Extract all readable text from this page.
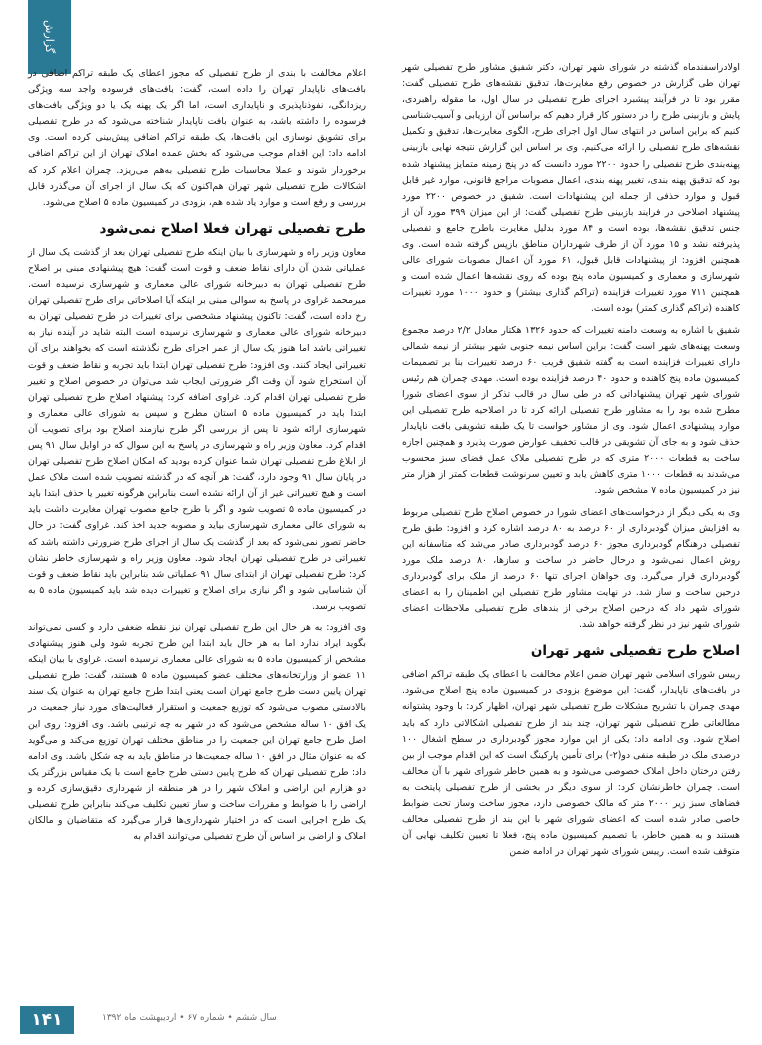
گزارش

اولادراسفندماه گذشته در شورای شهر تهران، دکتر شفیق مشاور طرح تفصیلی شهر تهران طی گزارش در خصوص رفع مغایرت‌ها، تدقیق نقشه‌های طرح تفصیلی گفت: مقرر بود تا در فرآیند پیشبرد اجرای طرح تفصیلی در سال اول، ما مقوله راهبردی، پایش و بازبینی طرح را در دستور کار قرار دهیم که براساس آن ارزیابی و آسیب‌شناسی کنیم که براین اساس در انتهای سال اول اجرای طرح، الگوی مغایرت‌ها، تدقیق و تکمیل نقشه‌های طرح تفصیلی را ارائه می‌کنیم. وی بر اساس این گزارش نتیجه نهایی بازبینی پهنه‌بندی طرح تفصیلی را حدود ۲۲۰۰ مورد دانست که در پنج زمینه متمایز پیشنهاد شده بود که تدقیق پهنه بندی، تغییر پهنه بندی، اعمال مصوبات مراجع قانونی، موارد غیر قابل قبول و موارد حذفی از جمله این پیشنهادات است. شفیق در خصوص ۲۲۰۰ مورد پیشنهاد اصلاحی در فرایند بازبینی طرح تفصیلی گفت: از این میزان ۳۹۹ مورد آن از جنس تدقیق نقشه‌ها، بوده است و ۸۴ مورد بدلیل مغایرت باطرح جامع و تفصیلی پذیرفته نشد و ۱۵ مورد آن از طرف شهرداران مناطق بازپس گرفته شده است. وی همچنین افزود: از پیشنهادات قابل قبول، ۶۱ مورد آن اعمال مصوبات شورای عالی شهرسازی و معماری و کمیسیون ماده پنج بوده که روی نقشه‌ها اعمال شده است و همچنین ۷۱۱ مورد تغییرات فزاینده (تراکم گذاری بیشتر) و حدود ۱۰۰۰ مورد تغییرات کاهنده (تراکم گذاری کمتر) بوده است.

شفیق با اشاره به وسعت دامنه تغییرات که حدود ۱۳۲۶ هکتار معادل ۲/۲ درصد مجموع وسعت پهنه‌های شهر است گفت: براین اساس نیمه جنوبی شهر بیشتر از نیمه شمالی دارای تغییرات فزاینده است به گفته شفیق قریب ۶۰ درصد تغییرات بنا بر تصمیمات کمیسیون ماده پنج کاهنده و حدود ۴۰ درصد فزاینده بوده است. مهدی چمران هم رئیس شورای شهر تهران پیشنهاداتی که در طی سال در قالب تذکر از سوی اعضای شورا مطرح شده بود را به مشاور طرح تفصیلی ارائه کرد تا در اصلاحیه طرح تفصیلی این موارد پیشنهادی اعمال شود. وی از مشاور خواست تا یک طبقه تشویقی بافت ناپایدار حذف شود و به جای آن تشویقی در قالب تخفیف عوارض صورت پذیرد و همچنین اجازه ساخت به قطعات ۲۰۰۰ متری که در طرح تفصیلی ملاک عمل فضای سبز محسوب می‌شدند به قطعات ۱۰۰۰ متری کاهش یابد و تعیین سرنوشت قطعات کمتر از هزار متر نیز در کمیسیون ماده ۷ مشخص شود.

وی به یکی دیگر از درخواست‌های اعضای شورا در خصوص اصلاح طرح تفصیلی مربوط به افزایش میزان گودبرداری از ۶۰ درصد به ۸۰ درصد اشاره کرد و افزود: طبق طرح تفصیلی درهنگام گودبرداری مجوز ۶۰ درصد گودبرداری صادر می‌شد که متاسفانه این روش اعمال نمی‌شود و درحال حاضر در ساخت و سازها، ۸۰ درصد ملک مورد گودبرداری قرار می‌گیرد. وی خواهان اجرای تنها ۶۰ درصد از ملک برای گودبرداری درحین ساخت و ساز شد. در نهایت مشاور طرح تفصیلی این اطمینان را به اعضای شورای شهر داد که درحین اصلاح برخی از بندهای طرح تفصیلی ملاحظات اعضای شورای شهر نیز در نظر گرفته خواهد شد.

اصلاح طرح تفصیلی شهر تهران

رییس شورای اسلامی شهر تهران ضمن اعلام مخالفت با اعطای یک طبقه تراکم اضافی در بافت‌های ناپایدار، گفت: این موضوع بزودی در کمیسیون ماده پنج اصلاح می‌شود. مهدی چمران با تشریح مشکلات طرح تفصیلی شهر تهران، اظهار کرد: با وجود پشتوانه مطالعاتی طرح تفصیلی شهر تهران، چند بند از طرح تفصیلی اشکالاتی دارد که باید اصلاح شود. وی ادامه داد: یکی از این موارد مجوز گودبرداری در سطح اشغال ۱۰۰ درصدی ملک در طبقه منفی دو(۲-) برای تأمین پارکینگ است که این اقدام موجب از بین رفتن درختان داخل املاک خصوصی می‌شود و به همین خاطر شورای شهر با آن مخالف است. چمران خاطرنشان کرد: از سوی دیگر در بخشی از طرح تفصیلی پایتخت به فضاهای سبز زیر ۲۰۰۰ متر که مالک خصوصی دارد، مجوز ساخت وساز تحت ضوابط خاصی صادر شده است که اعضای شورای شهر با این بند از طرح تفصیلی مخالف هستند و به همین خاطر، با تصمیم کمیسیون ماده پنج، فعلا تا تعیین تکلیف نهایی آن متوقف شده است. رییس شورای شهر تهران در ادامه ضمن

اعلام مخالفت با بندی از طرح تفصیلی که مجوز اعطای یک طبقه تراکم اضافی در بافت‌های ناپایدار تهران را داده است، گفت: بافت‌های فرسوده واجد سه ویژگی ریزدانگی، نفوذناپذیری و ناپایداری است، اما اگر یک پهنه یک یا دو ویژگی بافت‌های فرسوده را داشته باشد، به عنوان بافت ناپایدار شناخته می‌شود که در طرح تفصیلی برای تشویق نوسازی این بافت‌ها، یک طبقه تراکم اضافی پیش‌بینی کرده است. وی ادامه داد: این اقدام موجب می‌شود که بخش عمده املاک تهران از این تراکم اضافی برخوردار شوند و عملا محاسبات طرح تفصیلی به‌هم می‌ریزد. چمران اعلام کرد که اشکالات طرح تفصیلی شهر تهران هم‌اکنون که یک سال از اجرای آن می‌گذرد قابل بررسی و رفع است و موارد یاد شده هم، بزودی در کمیسیون ماده ۵ اصلاح می‌شود.

طرح تفصیلی تهران فعلا اصلاح نمی‌شود

معاون وزیر راه و شهرسازی با بیان اینکه طرح تفصیلی تهران بعد از گذشت یک سال از عملیاتی شدن آن دارای نقاط ضعف و قوت است گفت: هیچ پیشنهادی مبنی بر اصلاح طرح تفصیلی تهران به دبیرخانه شورای عالی معماری و شهرسازی نرسیده است. میرمحمد غراوی در پاسخ به سوالی مبنی بر اینکه آیا اصلاحاتی برای طرح تفصیلی تهران رخ داده است، گفت: تاکنون پیشنهاد مشخصی برای تغییرات در طرح تفصیلی تهران به دبیرخانه شورای عالی معماری و شهرسازی نرسیده است البته شاید در آینده نیاز به تغییراتی باشد اما هنوز یک سال از عمر اجرای طرح نگذشته است که بخواهند برای آن تغییراتی ایجاد کنند. وی افزود: طرح تفصیلی تهران ابتدا باید تجربه و نقاط ضعف و قوت آن استخراج شود آن وقت اگر ضرورتی ایجاب شد می‌توان در خصوص اصلاح و تغییر طرح تفصیلی تهران اقدام کرد. غراوی اضافه کرد: پیشنهاد اصلاح طرح تفصیلی تهران ابتدا باید در کمیسیون ماده ۵ استان مطرح و سپس به شورای عالی معماری و شهرسازی ارائه شود تا پس از بررسی اگر طرح نیازمند اصلاح بود برای تصویب آن اقدام کرد. معاون وزیر راه و شهرسازی در پاسخ به این سوال که در اوایل سال ۹۱ پس از ابلاغ طرح تفصیلی تهران شما عنوان کرده بودید که امکان اصلاح طرح تفصیلی تهران در پایان سال ۹۱ وجود دارد، گفت: هر آنچه که در گذشته تصویب شده است ملاک عمل است و هیچ تغییراتی غیر از آن ارائه نشده است بنابراین هرگونه تغییر یا حذف ابتدا باید در کمیسیون ماده ۵ تصویب شود و اگر با طرح جامع مصوب تهران مغایرت داشت باید به شورای عالی معماری شهرسازی بیاید و مصوبه جدید اخذ کند. غراوی گفت: در حال حاضر تصور نمی‌شود که بعد از گذشت یک سال از اجرای طرح ضرورتی داشته باشد که تغییراتی در طرح تفصیلی تهران ایجاد شود. معاون وزیر راه و شهرسازی خاطر نشان کرد: طرح تفصیلی تهران از ابتدای سال ۹۱ عملیاتی شد بنابراین باید نقاط ضعف و قوت آن شناسایی شود و اگر نیازی برای اصلاح و تغییرات دیده شد باید کمیسیون ماده ۵ به تصویب برسد.

وی افزود: به هر حال این طرح تفصیلی تهران نیز نقطه ضعفی دارد و کسی نمی‌تواند بگوید ایراد ندارد اما به هر حال باید ابتدا این طرح تجربه شود ولی هنوز پیشنهادی مشخص از کمیسیون ماده ۵ به شورای عالی معماری نرسیده است. غراوی با بیان اینکه ۱۱ عضو از وزارتخانه‌های مختلف عضو کمیسیون ماده ۵ هستند، گفت: طرح تفصیلی تهران پایین دست طرح جامع تهران است یعنی ابتدا طرح جامع تهران به عنوان یک سند بالادستی مصوب می‌شود که توزیع جمعیت و استقرار فعالیت‌های مورد نیاز جمعیت در یک افق ۱۰ ساله مشخص می‌شود که در شهر به چه ترتیبی باشد. وی افزود: روی این اصل طرح جامع تهران این جمعیت را در مناطق مختلف تهران توزیع می‌کند و می‌گوید که به عنوان مثال در افق ۱۰ ساله جمعیت‌ها در مناطق باید به چه شکل باشد. وی ادامه داد: طرح تفصیلی تهران که طرح پایین دستی طرح جامع است با یک مقیاس بزرگتر یک دو هزارم این اراضی و املاک شهر را در هر منطقه از شهرداری دقیق‌سازی کرده و اراضی را با ضوابط و مقررات ساخت و ساز تعیین تکلیف می‌کند بنابراین طرح تفصیلی یک طرح اجرایی است که در اختیار شهرداری‌ها قرار می‌گیرد که متقاضیان و مالکان املاک و اراضی بر اساس آن طرح تفصیلی می‌توانند اقدام به

۱۴۱	سال ششم • شماره ۶۷ • اردیبهشت ماه ۱۳۹۲
